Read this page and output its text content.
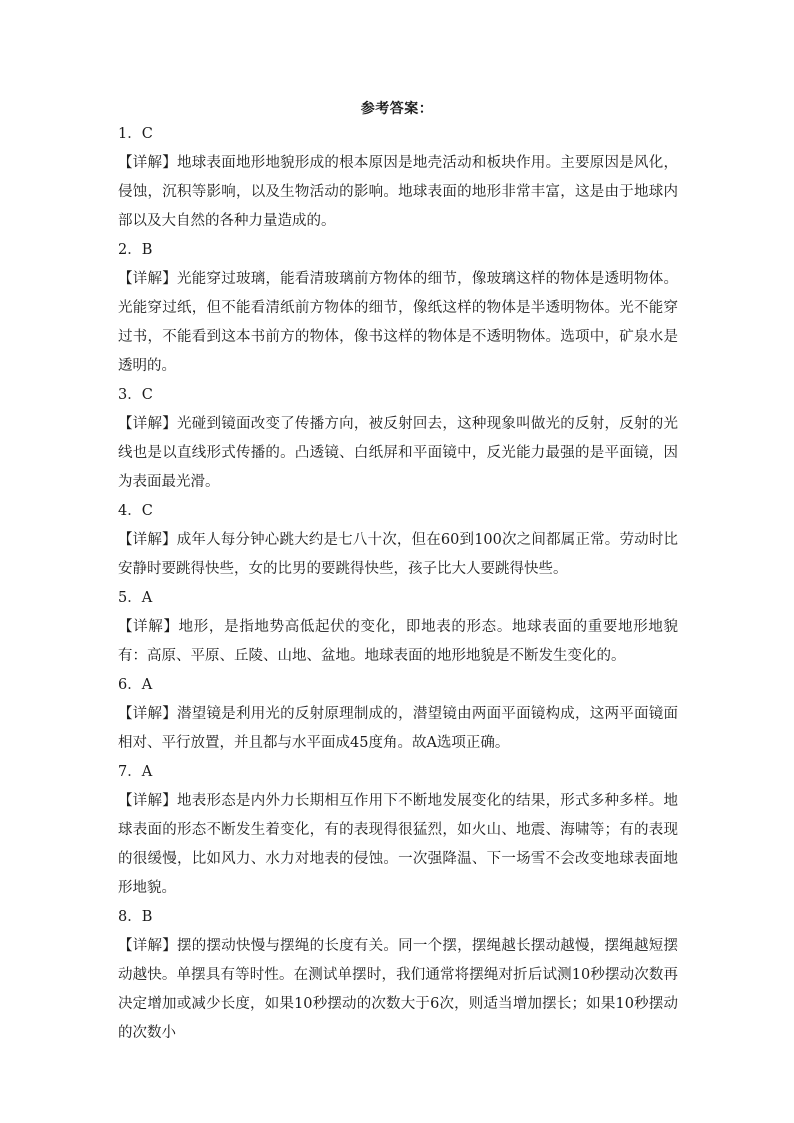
参考答案：
1．C
【详解】地球表面地形地貌形成的根本原因是地壳活动和板块作用。主要原因是风化，侵蚀，沉积等影响，以及生物活动的影响。地球表面的地形非常丰富，这是由于地球内部以及大自然的各种力量造成的。
2．B
【详解】光能穿过玻璃，能看清玻璃前方物体的细节，像玻璃这样的物体是透明物体。光能穿过纸，但不能看清纸前方物体的细节，像纸这样的物体是半透明物体。光不能穿过书，不能看到这本书前方的物体，像书这样的物体是不透明物体。选项中，矿泉水是透明的。
3．C
【详解】光碰到镜面改变了传播方向，被反射回去，这种现象叫做光的反射，反射的光线也是以直线形式传播的。凸透镜、白纸屏和平面镜中，反光能力最强的是平面镜，因为表面最光滑。
4．C
【详解】成年人每分钟心跳大约是七八十次，但在60到100次之间都属正常。劳动时比安静时要跳得快些，女的比男的要跳得快些，孩子比大人要跳得快些。
5．A
【详解】地形，是指地势高低起伏的变化，即地表的形态。地球表面的重要地形地貌有：高原、平原、丘陵、山地、盆地。地球表面的地形地貌是不断发生变化的。
6．A
【详解】潜望镜是利用光的反射原理制成的，潜望镜由两面平面镜构成，这两平面镜面相对、平行放置，并且都与水平面成45度角。故A选项正确。
7．A
【详解】地表形态是内外力长期相互作用下不断地发展变化的结果，形式多种多样。地球表面的形态不断发生着变化，有的表现得很猛烈，如火山、地震、海啸等；有的表现的很缓慢，比如风力、水力对地表的侵蚀。一次强降温、下一场雪不会改变地球表面地形地貌。
8．B
【详解】摆的摆动快慢与摆绳的长度有关。同一个摆，摆绳越长摆动越慢，摆绳越短摆动越快。单摆具有等时性。在测试单摆时，我们通常将摆绳对折后试测10秒摆动次数再决定增加或减少长度，如果10秒摆动的次数大于6次，则适当增加摆长；如果10秒摆动的次数小
